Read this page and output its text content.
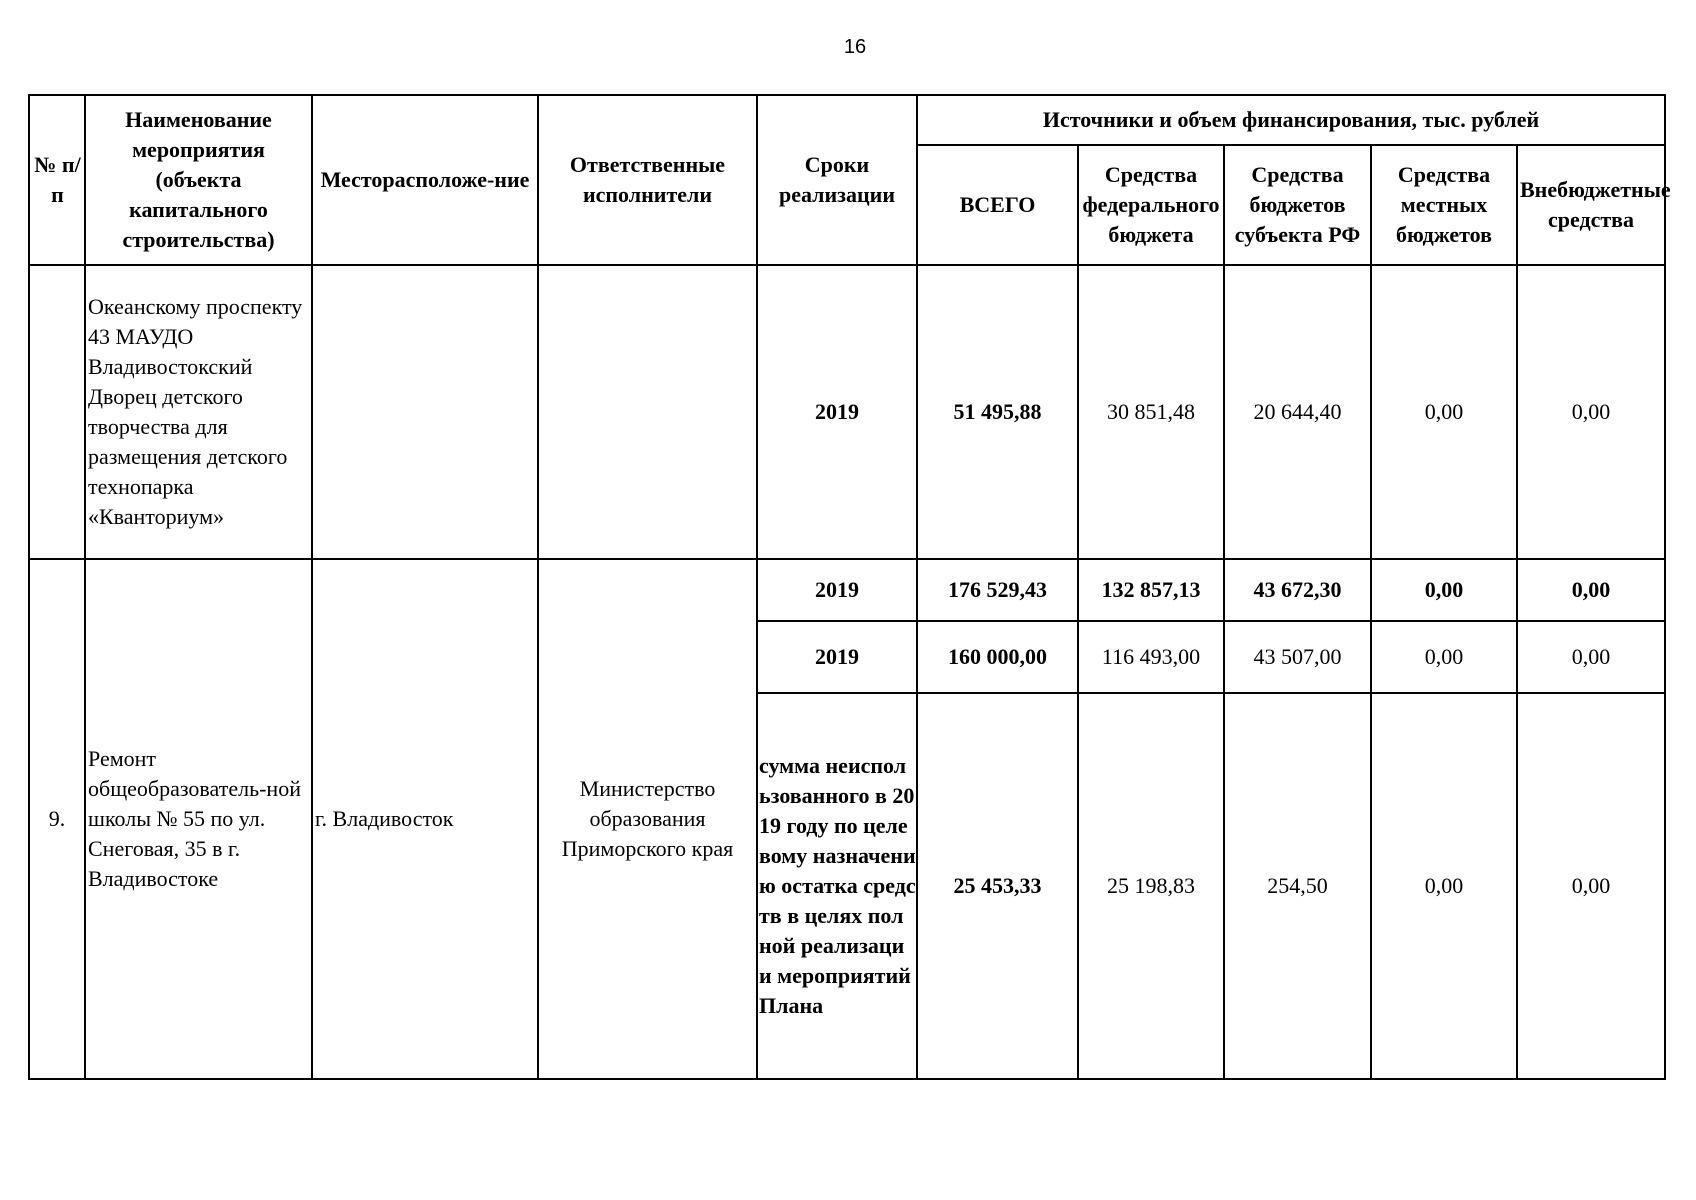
16
№ п/п	Наименование мероприятия (объекта капитального строительства)	Месторасположе-ние	Ответственные исполнители	Сроки реализации	Источники и объем финансирования, тыс. рублей				
					ВСЕГО	Средства федерального бюджета	Средства бюджетов субъекта РФ	Средства местных бюджетов	Внебюджетные средства
	Океанскому проспекту 43 МАУДО Владивостокский Дворец детского творчества для размещения детского технопарка «Кванториум»			2019	51 495,88	30 851,48	20 644,40	0,00	0,00
9.	Ремонт общеобразователь-ной школы № 55 по ул. Снеговая, 35 в г. Владивостоке	г. Владивосток	Министерство образования Приморского края	2019	176 529,43	132 857,13	43 672,30	0,00	0,00
				2019	160 000,00	116 493,00	43 507,00	0,00	0,00
				сумма неиспользованного в 2019 году по целевому назначению остатка средств в целях полной реализации мероприятий Плана	25 453,33	25 198,83	254,50	0,00	0,00
